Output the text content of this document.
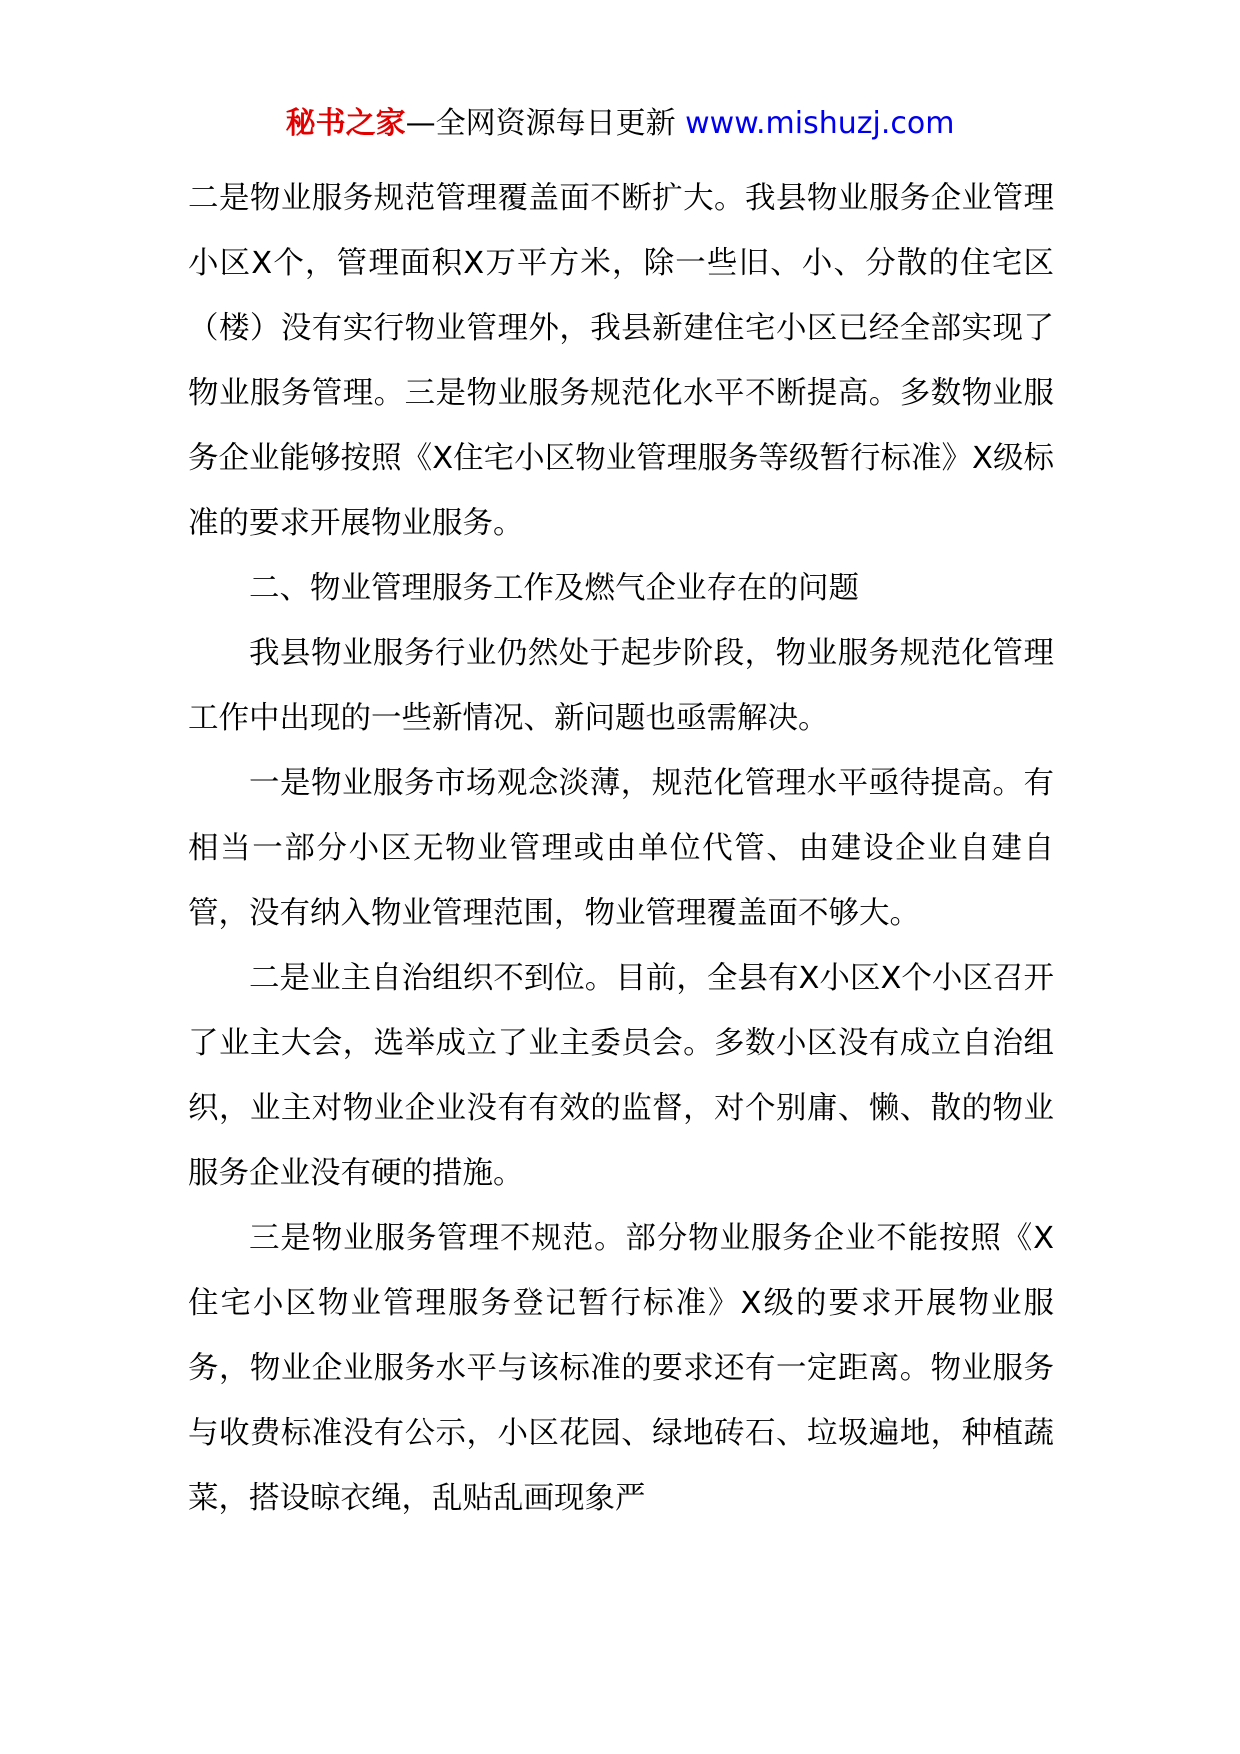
秘书之家—全网资源每日更新 www.mishuzj.com

二是物业服务规范管理覆盖面不断扩大。我县物业服务企业管理小区X个，管理面积X万平方米，除一些旧、小、分散的住宅区（楼）没有实行物业管理外，我县新建住宅小区已经全部实现了物业服务管理。三是物业服务规范化水平不断提高。多数物业服务企业能够按照《X住宅小区物业管理服务等级暂行标准》X级标准的要求开展物业服务。

二、物业管理服务工作及燃气企业存在的问题

我县物业服务行业仍然处于起步阶段，物业服务规范化管理工作中出现的一些新情况、新问题也亟需解决。

一是物业服务市场观念淡薄，规范化管理水平亟待提高。有相当一部分小区无物业管理或由单位代管、由建设企业自建自管，没有纳入物业管理范围，物业管理覆盖面不够大。

二是业主自治组织不到位。目前，全县有X小区X个小区召开了业主大会，选举成立了业主委员会。多数小区没有成立自治组织，业主对物业企业没有有效的监督，对个别庸、懒、散的物业服务企业没有硬的措施。

三是物业服务管理不规范。部分物业服务企业不能按照《X住宅小区物业管理服务登记暂行标准》X级的要求开展物业服务，物业企业服务水平与该标准的要求还有一定距离。物业服务与收费标准没有公示，小区花园、绿地砖石、垃圾遍地，种植蔬菜，搭设晾衣绳，乱贴乱画现象严
